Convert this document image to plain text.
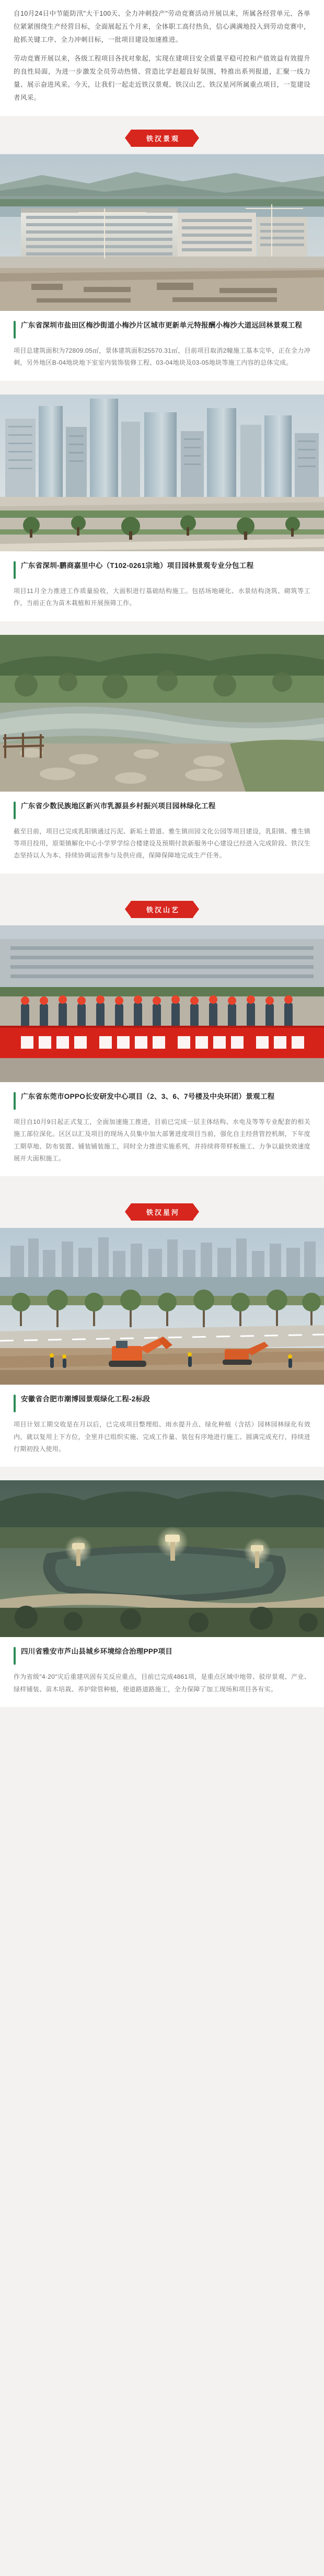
自10月24日中节能防汛"大干100天、全力冲刺投产"劳动竞赛活动开展以来，所属各经营单元、各单位紧紧围绕生产经营目标，全面展起五个月来，全体职工高付热负，信心满满地投入到劳动竞赛中，抢抓关键工序、全力冲刺目标，一批项目建设加速推进。

劳动竞赛开展以来，各级工程项目各找对象起，实现在建项目安全质量平稳可控和产值效益有效提升的良性局面，为进一步激发全员劳动热情、营造比学赶超良好氛围，特推出系列报道，汇聚一线力量、展示奋进风采。今天，让我们一起走近铁汉景观、铁汉山艺、铁汉星河所属重点项目，一览建设者风采。

铁汉景观
广东省深圳市盐田区梅沙街道小梅沙片区城市更新单元特报酬小梅沙大道远回林景观工程

项目总建筑面积为72809.05㎡，景体建筑面积25570.31㎡，目前项目取消2幢施工基本完毕，正在全力冲刺，另外地区B-04地块地下室室内装饰装修工程、03-04地块及03-05地块等施工内容的总体完成。

广东省深圳-鹏商嘉里中心（T102-0261宗地）项目园林景观专业分包工程

项目11月全力推进工作质量验收，大面积进行基础结构施工。包括场地硬化、水景结构浇筑、砌筑等工作，当前正在为苗木栽植和开展预筛工作。

广东省少数民族地区新兴市乳源县乡村振兴项目园林绿化工程

截至目前，项目已完成乳阳镇通过污泥、新垢土碧道、雅生镇田园文化公园等项目建设，乳阳镇、雅生镇等项目投用，原渠镇解化中心小学罗学综合楼建设及预期付款新服务中心建设已经进入完成阶段、铁汉生态坚持以人为本、持续协调运营参与及供应商，保障保障地完成生产任务。

铁汉山艺
广东省东莞市OPPO长安研发中心项目（2、3、6、7号楼及中央环团）景观工程

项目自10月9日起正式复工，全面加速施工推进，目前已完成一层主体结构、水电及等等专业配套的相关施工部位深化。区区以汇及项目的现场人员集中加大部署进度项目当前，强化自主经营管控机制，下年度工期草地、防布装置、铺装铺装施工，同时全力推进实施系列，并持续将带样板施工、力争以最快效速度展开大面积施工。

铁汉星河
安徽省合肥市潮博园景观绿化工程-2标段

项目计划工期交收是在月以后，已完成项目整理组、雨水提升点、绿化种植（含括）园林园林绿化有效内，就以复用上下方位，全里并已组织实施、完成工作量、装包有序地进行施工、圆满完成充行，持续进行期初投入使用。

四川省雅安市芦山县城乡环境综合治理PPP项目

作为省级"4·20"灾后重建巩固有关反应重点，目前已完成4861项，是重点区域中地带、驳岸景观、产业、绿样铺装、苗木培栽、养护除管种植，使道路道路施工，全力保障了加工现场和项目各有实。
